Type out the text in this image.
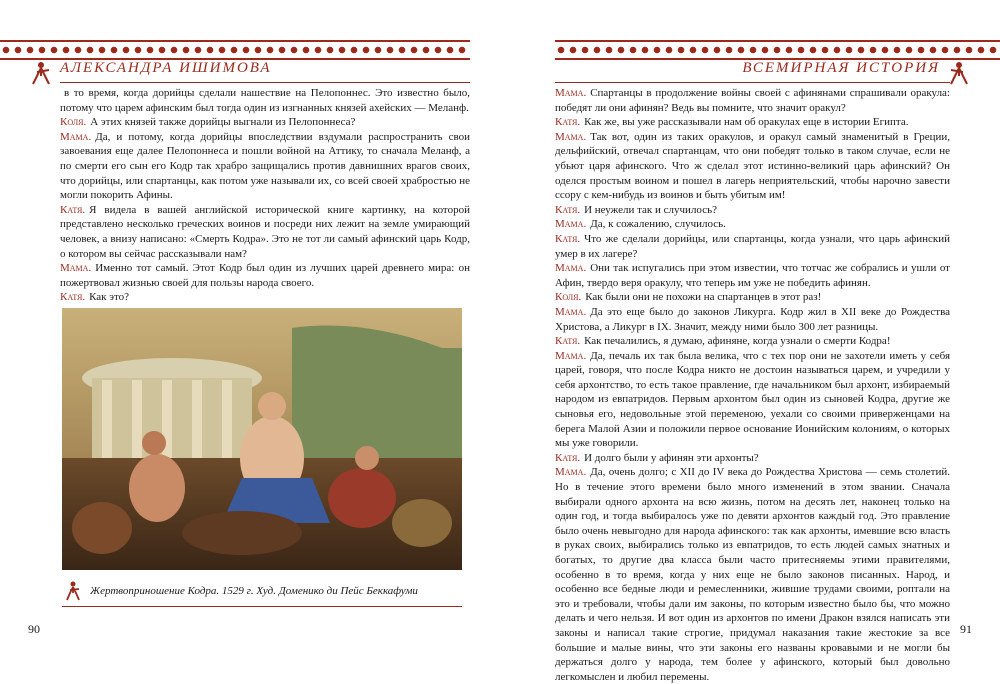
АЛЕКСАНДРА ИШИМОВА

в то время, когда дорийцы сделали нашествие на Пелопоннес. Это известно было, потому что царем афинским был тогда один из изгнанных князей ахейских — Меланф.

Коля. А этих князей также дорийцы выгнали из Пелопоннеса?

Мама. Да, и потому, когда дорийцы впоследствии вздумали распространить свои завоевания еще далее Пелопоннеса и пошли войной на Аттику, то сначала Меланф, а по смерти его сын его Кодр так храбро защищались против давнишних врагов своих, что дорийцы, или спартанцы, как потом уже называли их, со всей своей храбростью не могли покорить Афины.

Катя. Я видела в вашей английской исторической книге картинку, на которой представлено несколько греческих воинов и посреди них лежит на земле умирающий человек, а внизу написано: «Смерть Кодра». Это не тот ли самый афинский царь Кодр, о котором вы сейчас рассказывали нам?

Мама. Именно тот самый. Этот Кодр был один из лучших царей древнего мира: он пожертвовал жизнью своей для пользы народа своего.

Катя. Как это?

Жертвоприношение Кодра. 1529 г. Худ. Доменико ди Пейс Беккафуми
90
ВСЕМИРНАЯ ИСТОРИЯ

Мама. Спартанцы в продолжение войны своей с афинянами спрашивали оракула: победят ли они афинян? Ведь вы помните, что значит оракул?

Катя. Как же, вы уже рассказывали нам об оракулах еще в истории Египта.

Мама. Так вот, один из таких оракулов, и оракул самый знаменитый в Греции, дельфийский, отвечал спартанцам, что они победят только в таком случае, если не убьют царя афинского. Что ж сделал этот истинно-великий царь афинский? Он оделся простым воином и пошел в лагерь неприятельский, чтобы нарочно завести ссору с кем-нибудь из воинов и быть убитым им!

Катя. И неужели так и случилось?

Мама. Да, к сожалению, случилось.

Катя. Что же сделали дорийцы, или спартанцы, когда узнали, что царь афинский умер в их лагере?

Мама. Они так испугались при этом известии, что тотчас же собрались и ушли от Афин, твердо веря оракулу, что теперь им уже не победить афинян.

Коля. Как были они не похожи на спартанцев в этот раз!

Мама. Да это еще было до законов Ликурга. Кодр жил в XII веке до Рождества Христова, а Ликург в IX. Значит, между ними было 300 лет разницы.

Катя. Как печалились, я думаю, афиняне, когда узнали о смерти Кодра!

Мама. Да, печаль их так была велика, что с тех пор они не захотели иметь у себя царей, говоря, что после Кодра никто не достоин называться царем, и учредили у себя архонтство, то есть такое правление, где начальником был архонт, избираемый народом из евпатридов. Первым архонтом был один из сыновей Кодра, другие же сыновья его, недовольные этой переменою, уехали со своими приверженцами на берега Малой Азии и положили первое основание Ионийским колониям, о которых мы уже говорили.

Катя. И долго были у афинян эти архонты?

Мама. Да, очень долго; с XII до IV века до Рождества Христова — семь столетий. Но в течение этого времени было много изменений в этом звании. Сначала выбирали одного архонта на всю жизнь, потом на десять лет, наконец только на один год, и тогда выбиралось уже по девяти архонтов каждый год. Это правление было очень невыгодно для народа афинского: так как архонты, имевшие всю власть в руках своих, выбирались только из евпатридов, то есть людей самых знатных и богатых, то другие два класса были часто притесняемы этими правителями, особенно в то время, когда у них еще не было законов писанных. Народ, и особенно все бедные люди и ремесленники, жившие трудами своими, роптали на это и требовали, чтобы дали им законы, по которым известно было бы, что можно делать и чего нельзя. И вот один из архонтов по имени Дракон взялся написать эти законы и написал такие строгие, придумал наказания такие жестокие за все большие и малые вины, что эти законы его названы кровавыми и не могли бы держаться долго у народа, тем более у афинского, который был довольно легкомыслен и любил перемены.

91
